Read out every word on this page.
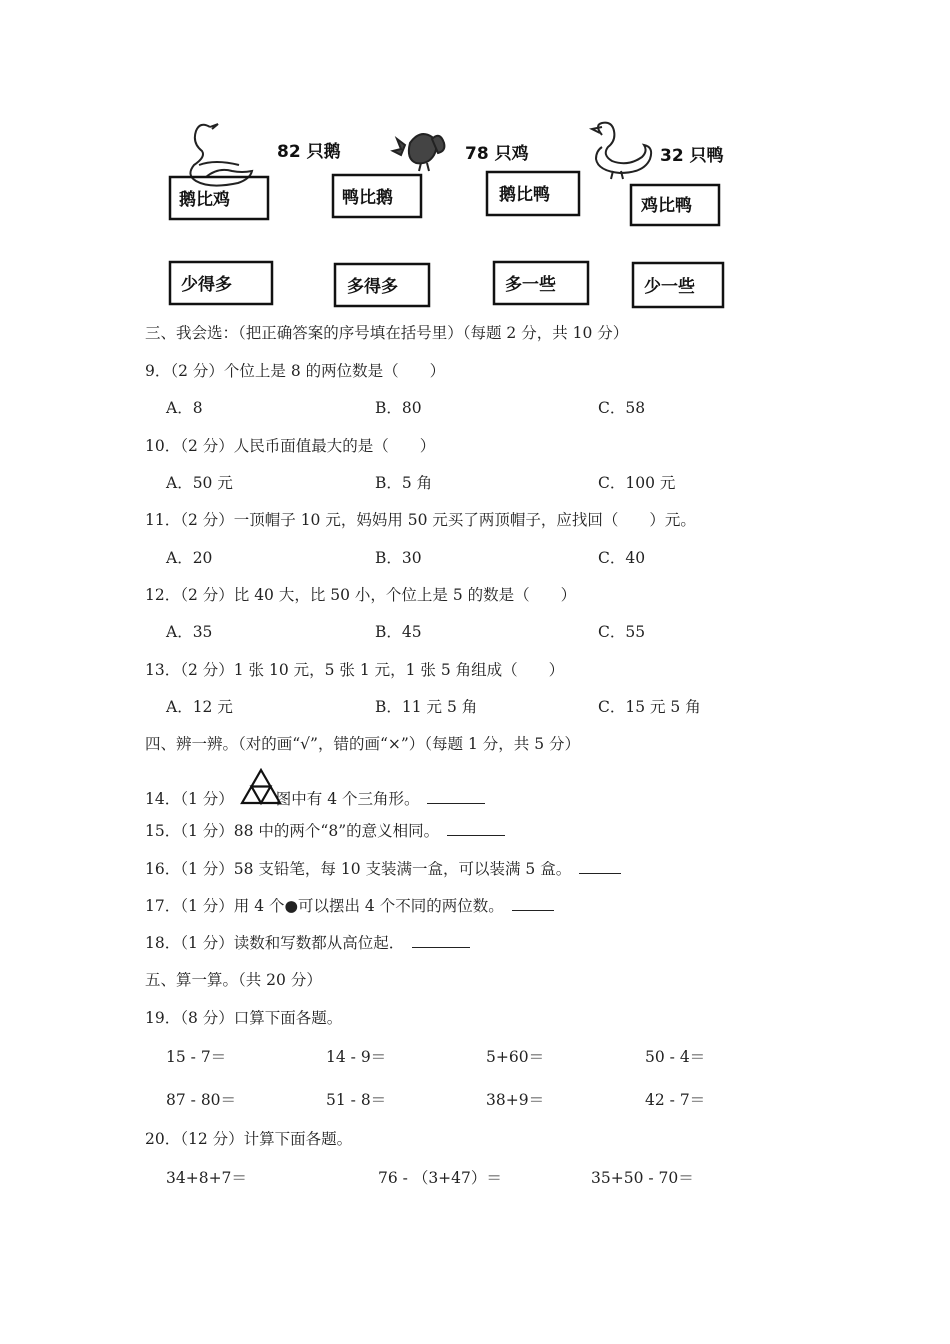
82 只鹅	78 只鸡	32 只鸭
鹅比鸡	鸭比鹅	鹅比鸭
鸡比鸭
少得多	多得多	多一些	少一些
三、我会选：（把正确答案的序号填在括号里）（每题 2 分，共 10 分）
9．（2 分）个位上是 8 的两位数是（　　）
A．8	B．80	C．58
10．（2 分）人民币面值最大的是（　　）
A．50 元	B．5 角	C．100 元
11．（2 分）一顶帽子 10 元，妈妈用 50 元买了两顶帽子，应找回（　　）元。
A．20	B．30	C．40
12．（2 分）比 40 大，比 50 小，个位上是 5 的数是（　　）
A．35	B．45	C．55
13．（2 分）1 张 10 元，5 张 1 元，1 张 5 角组成（　　）
A．12 元	B．11 元 5 角	C．15 元 5 角
四、辨一辨。（对的画“√”，错的画“×”）（每题 1 分，共 5 分）
14．（1 分）	图中有 4 个三角形。
15．（1 分）88 中的两个“8”的意义相同。
16．（1 分）58 支铅笔，每 10 支装满一盒，可以装满 5 盒。
17．（1 分）用 4 个●可以摆出 4 个不同的两位数。
18．（1 分）读数和写数都从高位起．
五、算一算。（共 20 分）
19．（8 分）口算下面各题。
15 - 7＝	14 - 9＝	5+60＝	50 - 4＝
87 - 80＝	51 - 8＝	38+9＝	42 - 7＝
20．（12 分）计算下面各题。
34+8+7＝	76 - （3+47）＝	35+50 - 70＝
